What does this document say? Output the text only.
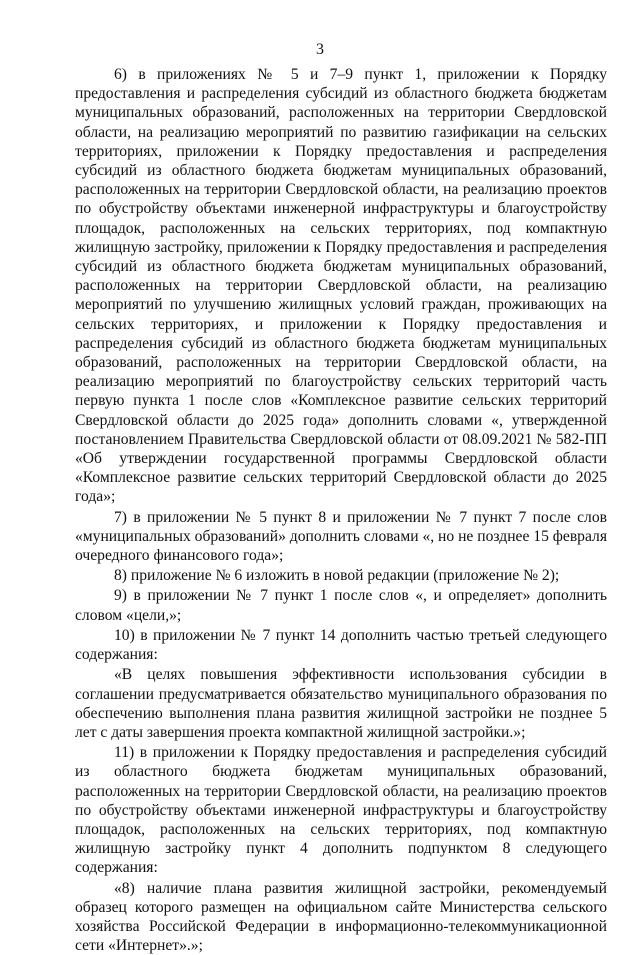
3

6) в приложениях № 5 и 7–9 пункт 1, приложении к Порядку предоставления и распределения субсидий из областного бюджета бюджетам муниципальных образований, расположенных на территории Свердловской области, на реализацию мероприятий по развитию газификации на сельских территориях, приложении к Порядку предоставления и распределения субсидий из областного бюджета бюджетам муниципальных образований, расположенных на территории Свердловской области, на реализацию проектов по обустройству объектами инженерной инфраструктуры и благоустройству площадок, расположенных на сельских территориях, под компактную жилищную застройку, приложении к Порядку предоставления и распределения субсидий из областного бюджета бюджетам муниципальных образований, расположенных на территории Свердловской области, на реализацию мероприятий по улучшению жилищных условий граждан, проживающих на сельских территориях, и приложении к Порядку предоставления и распределения субсидий из областного бюджета бюджетам муниципальных образований, расположенных на территории Свердловской области, на реализацию мероприятий по благоустройству сельских территорий часть первую пункта 1 после слов «Комплексное развитие сельских территорий Свердловской области до 2025 года» дополнить словами «, утвержденной постановлением Правительства Свердловской области от 08.09.2021 № 582-ПП «Об утверждении государственной программы Свердловской области «Комплексное развитие сельских территорий Свердловской области до 2025 года»;

7) в приложении № 5 пункт 8 и приложении № 7 пункт 7 после слов «муниципальных образований» дополнить словами «, но не позднее 15 февраля очередного финансового года»;

8) приложение № 6 изложить в новой редакции (приложение № 2);

9) в приложении № 7 пункт 1 после слов «, и определяет» дополнить словом «цели,»;

10) в приложении № 7 пункт 14 дополнить частью третьей следующего содержания:

«В целях повышения эффективности использования субсидии в соглашении предусматривается обязательство муниципального образования по обеспечению выполнения плана развития жилищной застройки не позднее 5 лет с даты завершения проекта компактной жилищной застройки.»;

11) в приложении к Порядку предоставления и распределения субсидий из областного бюджета бюджетам муниципальных образований, расположенных на территории Свердловской области, на реализацию проектов по обустройству объектами инженерной инфраструктуры и благоустройству площадок, расположенных на сельских территориях, под компактную жилищную застройку пункт 4 дополнить подпунктом 8 следующего содержания:

«8) наличие плана развития жилищной застройки, рекомендуемый образец которого размещен на официальном сайте Министерства сельского хозяйства Российской Федерации в информационно-телекоммуникационной сети «Интернет».»;
